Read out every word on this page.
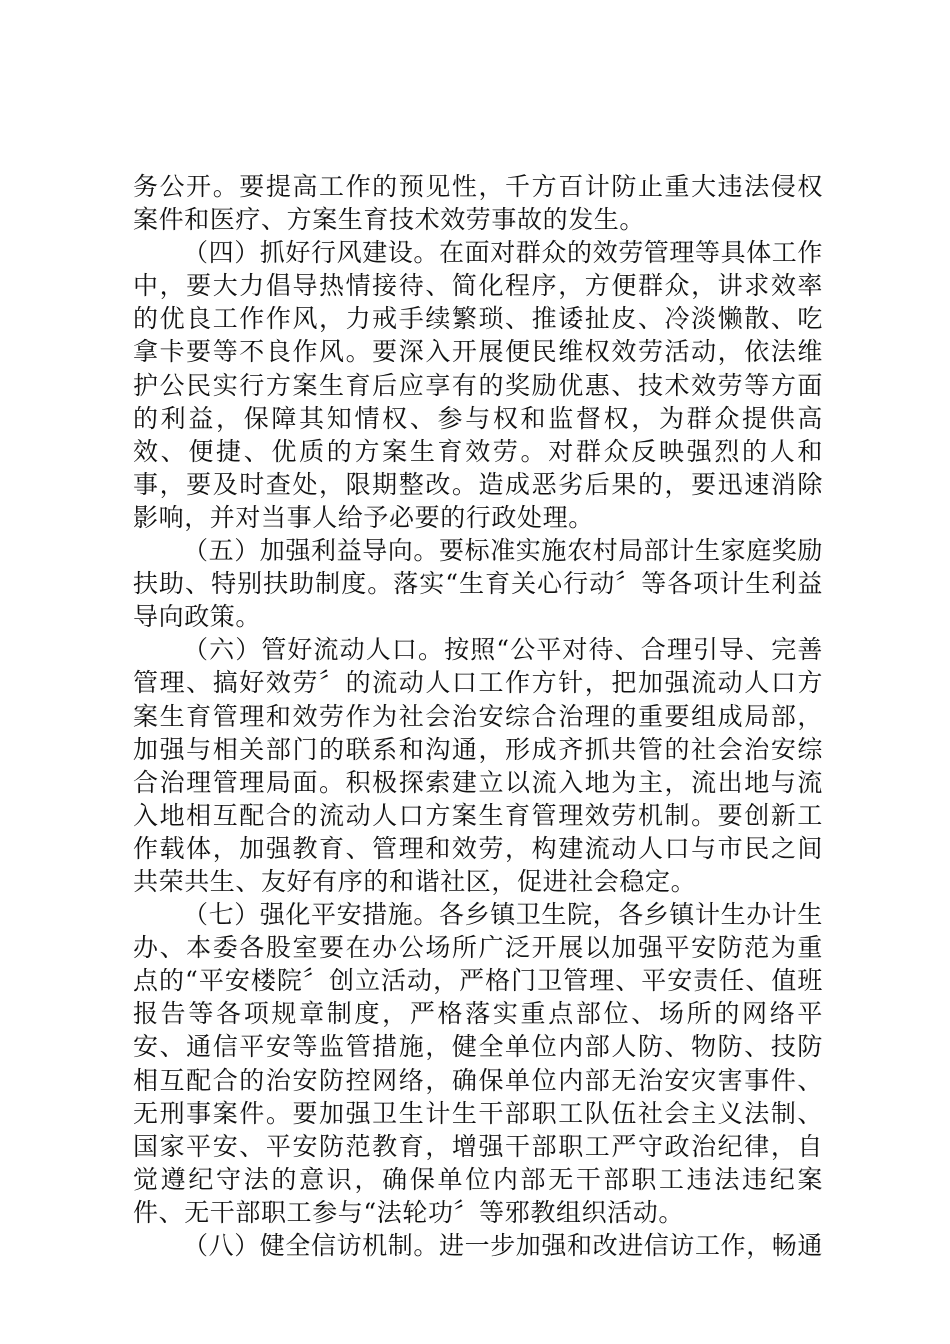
务公开。要提高工作的预见性，千方百计防止重大违法侵权案件和医疗、方案生育技术效劳事故的发生。

（四）抓好行风建设。在面对群众的效劳管理等具体工作中，要大力倡导热情接待、简化程序，方便群众，讲求效率的优良工作作风，力戒手续繁琐、推诿扯皮、冷淡懒散、吃拿卡要等不良作风。要深入开展便民维权效劳活动，依法维护公民实行方案生育后应享有的奖励优惠、技术效劳等方面的利益，保障其知情权、参与权和监督权，为群众提供高效、便捷、优质的方案生育效劳。对群众反映强烈的人和事，要及时查处，限期整改。造成恶劣后果的，要迅速消除影响，并对当事人给予必要的行政处理。

（五）加强利益导向。要标准实施农村局部计生家庭奖励扶助、特别扶助制度。落实“生育关心行动〞等各项计生利益导向政策。

（六）管好流动人口。按照“公平对待、合理引导、完善管理、搞好效劳〞的流动人口工作方针，把加强流动人口方案生育管理和效劳作为社会治安综合治理的重要组成局部，加强与相关部门的联系和沟通，形成齐抓共管的社会治安综合治理管理局面。积极探索建立以流入地为主，流出地与流入地相互配合的流动人口方案生育管理效劳机制。要创新工作载体，加强教育、管理和效劳，构建流动人口与市民之间共荣共生、友好有序的和谐社区，促进社会稳定。

（七）强化平安措施。各乡镇卫生院，各乡镇计生办计生办、本委各股室要在办公场所广泛开展以加强平安防范为重点的“平安楼院〞创立活动，严格门卫管理、平安责任、值班报告等各项规章制度，严格落实重点部位、场所的网络平安、通信平安等监管措施，健全单位内部人防、物防、技防相互配合的治安防控网络，确保单位内部无治安灾害事件、无刑事案件。要加强卫生计生干部职工队伍社会主义法制、国家平安、平安防范教育，增强干部职工严守政治纪律，自觉遵纪守法的意识，确保单位内部无干部职工违法违纪案件、无干部职工参与“法轮功〞等邪教组织活动。

（八）健全信访机制。进一步加强和改进信访工作，畅通
